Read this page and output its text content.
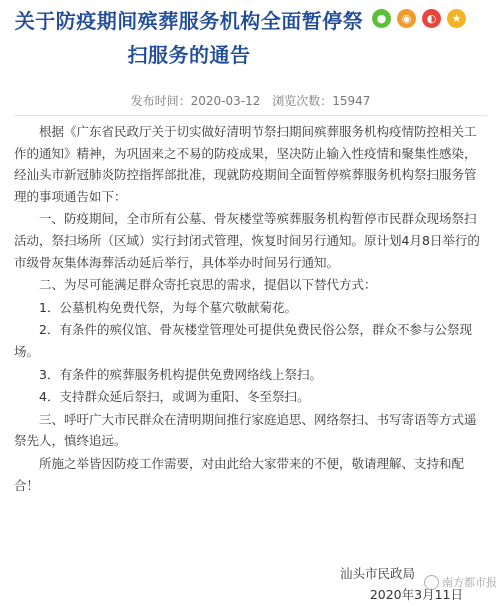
关于防疫期间殡葬服务机构全面暂停祭扫服务的通告
●	◉	◐	★
发布时间：2020-03-12 浏览次数：15947

根据《广东省民政厅关于切实做好清明节祭扫期间殡葬服务机构疫情防控相关工作的通知》精神，为巩固来之不易的防疫成果，坚决防止输入性疫情和聚集性感染，经汕头市新冠肺炎防控指挥部批准，现就防疫期间全面暂停殡葬服务机构祭扫服务管理的事项通告如下：

一、防疫期间，全市所有公墓、骨灰楼堂等殡葬服务机构暂停市民群众现场祭扫活动，祭扫场所（区域）实行封闭式管理，恢复时间另行通知。原计划4月8日举行的市级骨灰集体海葬活动延后举行，具体举办时间另行通知。

二、为尽可能满足群众寄托哀思的需求，提倡以下替代方式：

1．公墓机构免费代祭，为每个墓穴敬献菊花。

2．有条件的殡仪馆、骨灰楼堂管理处可提供免费民俗公祭，群众不参与公祭现场。

3．有条件的殡葬服务机构提供免费网络线上祭扫。

4．支持群众延后祭扫，或调为重阳、冬至祭扫。

三、呼吁广大市民群众在清明期间推行家庭追思、网络祭扫、书写寄语等方式遥祭先人，慎终追远。

所施之举皆因防疫工作需要，对由此给大家带来的不便，敬请理解、支持和配合！

汕头市民政局
2020年3月11日
南方都市报
